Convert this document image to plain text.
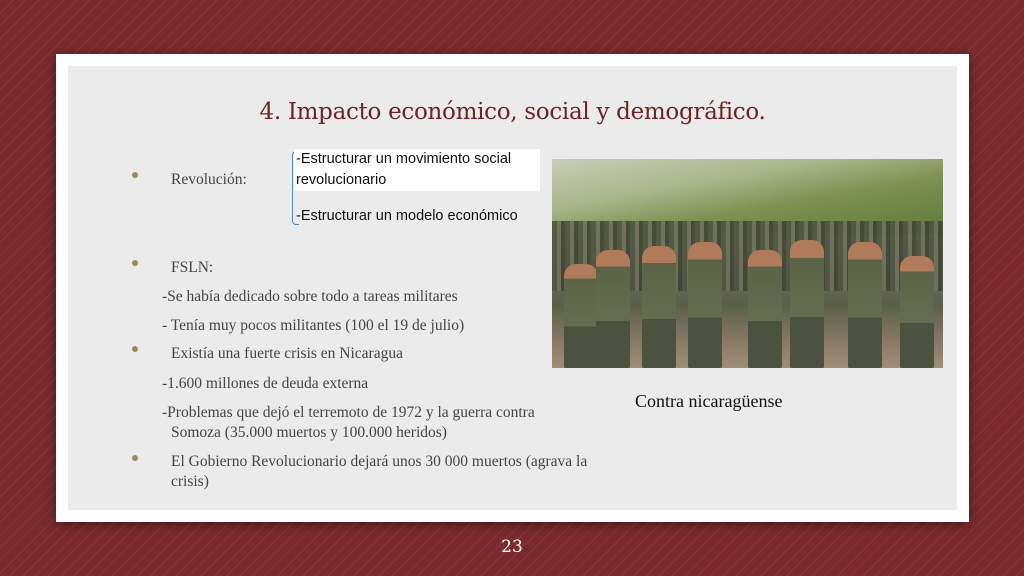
4. Impacto económico, social y demográfico.
Revolución:
-Estructurar un movimiento social revolucionario
-Estructurar un modelo económico
FSLN:
-Se había dedicado sobre todo a tareas militares
- Tenía muy pocos militantes (100 el 19 de julio)
Existía una fuerte crisis en Nicaragua
-1.600 millones de deuda externa
-Problemas que dejó el terremoto de 1972 y la guerra contra
Somoza (35.000 muertos y 100.000 heridos)
El Gobierno Revolucionario dejará unos 30 000 muertos (agrava la crisis)
Contra nicaragüense
23
